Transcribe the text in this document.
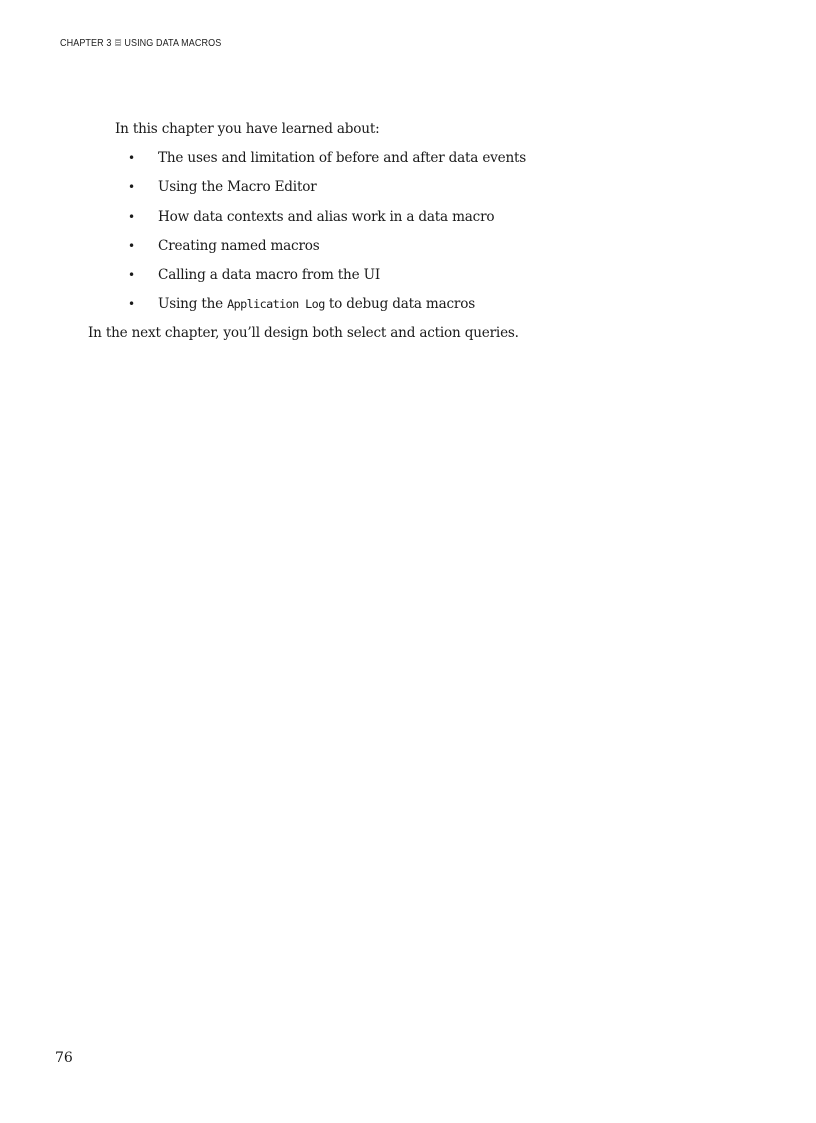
CHAPTER 3 USING DATA MACROS
In this chapter you have learned about:
• The uses and limitation of before and after data events
• Using the Macro Editor
• How data contexts and alias work in a data macro
• Creating named macros
• Calling a data macro from the UI
• Using the Application Log to debug data macros
In the next chapter, you’ll design both select and action queries.
76
